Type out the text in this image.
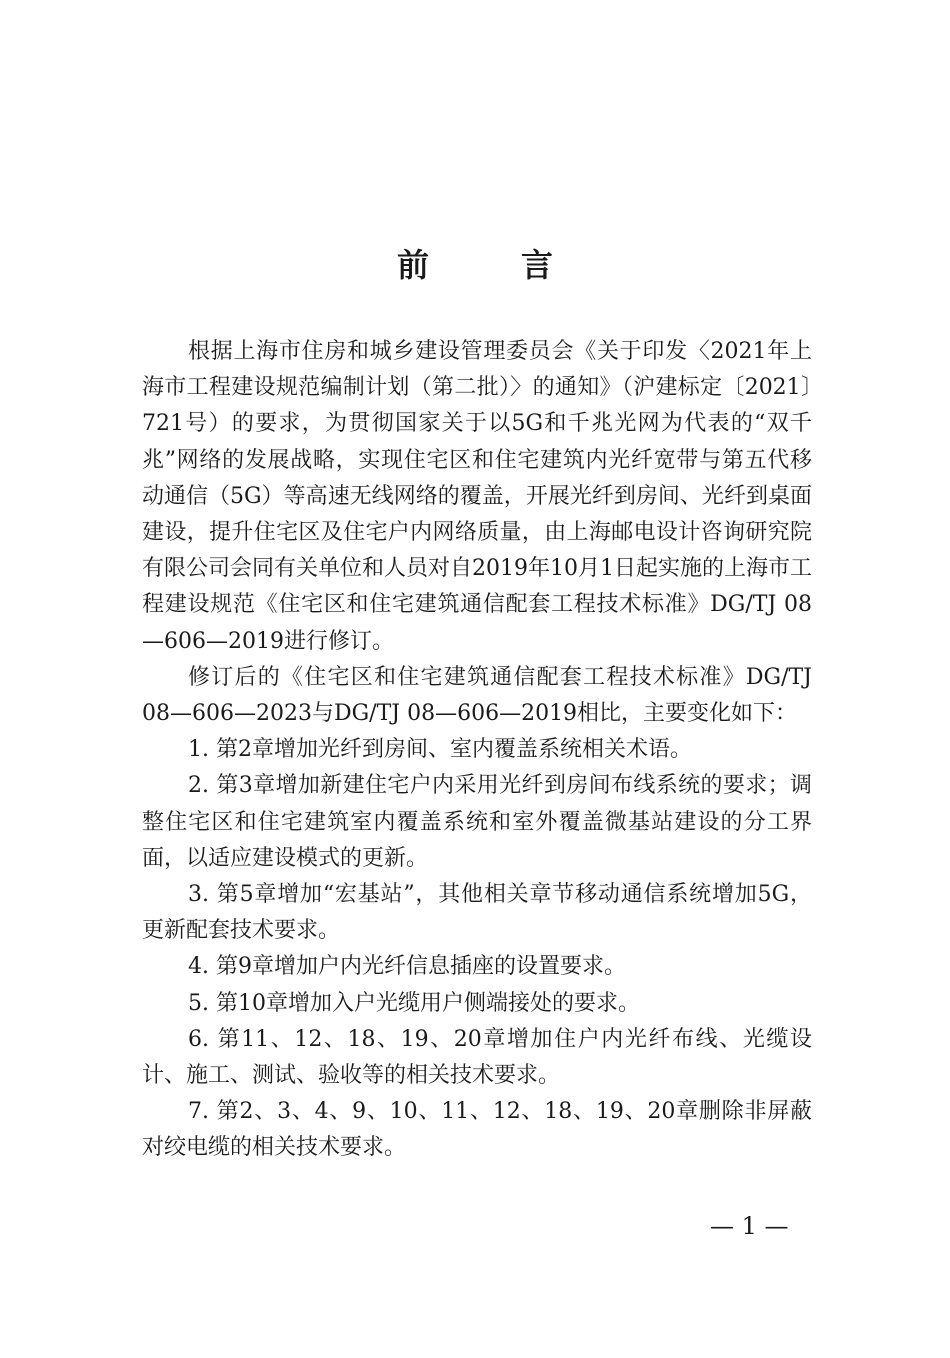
前　言

根据上海市住房和城乡建设管理委员会《关于印发〈2021年上海市工程建设规范编制计划（第二批）〉的通知》（沪建标定〔2021〕721号）的要求，为贯彻国家关于以5G和千兆光网为代表的“双千兆”网络的发展战略，实现住宅区和住宅建筑内光纤宽带与第五代移动通信（5G）等高速无线网络的覆盖，开展光纤到房间、光纤到桌面建设，提升住宅区及住宅户内网络质量，由上海邮电设计咨询研究院有限公司会同有关单位和人员对自2019年10月1日起实施的上海市工程建设规范《住宅区和住宅建筑通信配套工程技术标准》DG/TJ 08—606—2019进行修订。

修订后的《住宅区和住宅建筑通信配套工程技术标准》DG/TJ 08—606—2023与DG/TJ 08—606—2019相比，主要变化如下：

1. 第2章增加光纤到房间、室内覆盖系统相关术语。

2. 第3章增加新建住宅户内采用光纤到房间布线系统的要求；调整住宅区和住宅建筑室内覆盖系统和室外覆盖微基站建设的分工界面，以适应建设模式的更新。

3. 第5章增加“宏基站”，其他相关章节移动通信系统增加5G，更新配套技术要求。

4. 第9章增加户内光纤信息插座的设置要求。

5. 第10章增加入户光缆用户侧端接处的要求。

6. 第11、12、18、19、20章增加住户内光纤布线、光缆设计、施工、测试、验收等的相关技术要求。

7. 第2、3、4、9、10、11、12、18、19、20章删除非屏蔽对绞电缆的相关技术要求。

— 1 —
